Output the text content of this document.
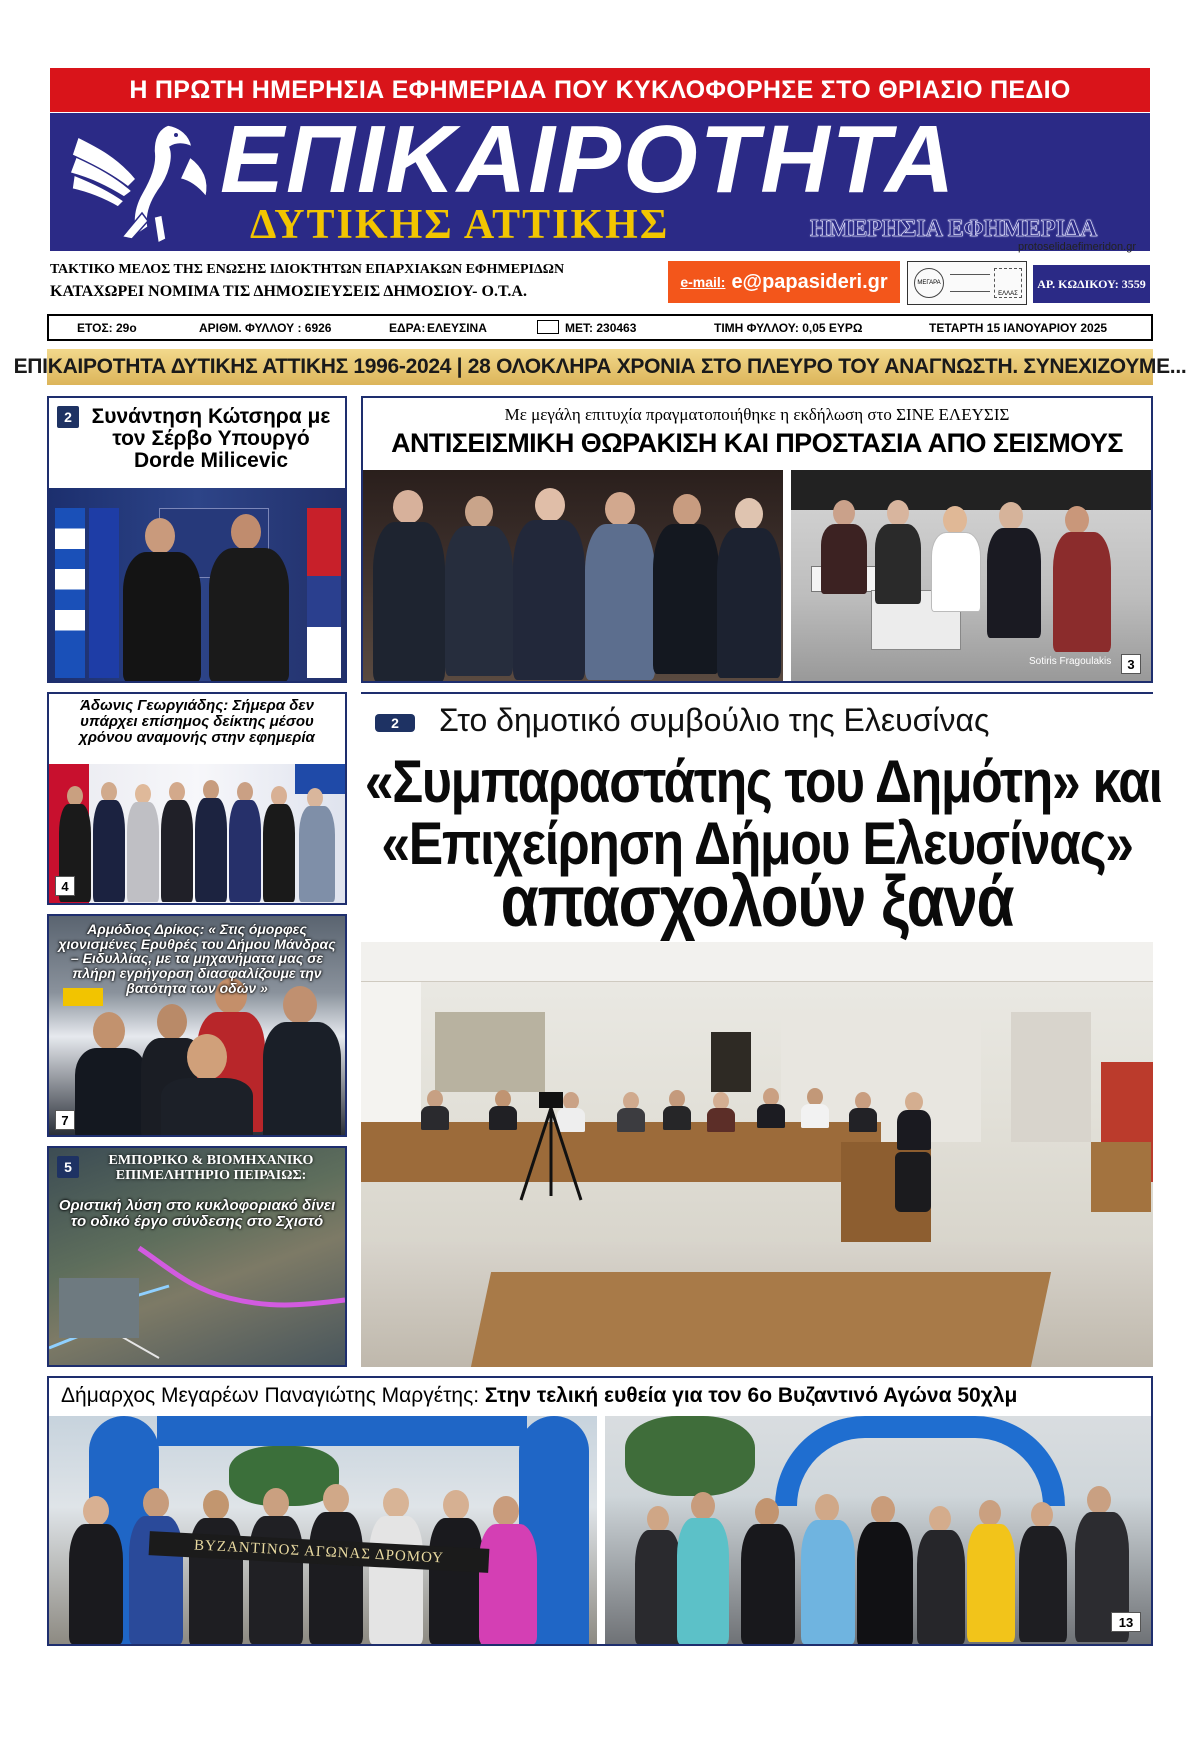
Η ΠΡΩΤΗ ΗΜΕΡΗΣΙΑ ΕΦΗΜΕΡΙΔΑ ΠΟΥ ΚΥΚΛΟΦΟΡΗΣΕ ΣΤΟ ΘΡΙΑΣΙΟ ΠΕΔΙΟ
ΕΠΙΚΑΙΡΟΤΗΤΑ
ΔΥΤΙΚΗΣ ΑΤΤΙΚΗΣ	ΗΜΕΡΗΣΙΑ ΕΦΗΜΕΡΙΔΑ
protoselidaefimeridon.gr
ΤΑΚΤΙΚΟ ΜΕΛΟΣ ΤΗΣ ΕΝΩΣΗΣ ΙΔΙΟΚΤΗΤΩΝ ΕΠΑΡΧΙΑΚΩΝ ΕΦΗΜΕΡΙΔΩΝ
ΚΑΤΑΧΩΡΕΙ ΝΟΜΙΜΑ ΤΙΣ ΔΗΜΟΣΙΕΥΣΕΙΣ ΔΗΜΟΣΙΟΥ- Ο.Τ.Α.
e-mail: e@papasideri.gr	ΜΕΓΑΡΑ
ΕΛΛΑΣ
ΑΡ. ΚΩΔΙΚΟΥ: 3559
ΕΤΟΣ: 29ο	ΑΡΙΘΜ. ΦΥΛΛΟΥ : 6926	ΕΔΡΑ: ΕΛΕΥΣΙΝΑ	ΜΕΤ: 230463	ΤΙΜΗ ΦΥΛΛΟΥ: 0,05 ΕΥΡΩ	ΤΕΤΑΡΤΗ 15 ΙΑΝΟΥΑΡΙΟΥ 2025
ΕΠΙΚΑΙΡΟΤΗΤΑ ΔΥΤΙΚΗΣ ΑΤΤΙΚΗΣ 1996-2024 | 28 ΟΛΟΚΛΗΡΑ ΧΡΟΝΙΑ ΣΤΟ ΠΛΕΥΡΟ ΤΟΥ ΑΝΑΓΝΩΣΤΗ. ΣΥΝΕΧΙΖΟΥΜΕ...
2 Συνάντηση Κώτσηρα με τον Σέρβο Υπουργό Dorde Milicevic
Με μεγάλη επιτυχία πραγματοποιήθηκε η εκδήλωση στο ΣΙΝΕ ΕΛΕΥΣΙΣ
ΑΝΤΙΣΕΙΣΜΙΚΗ ΘΩΡΑΚΙΣΗ ΚΑΙ ΠΡΟΣΤΑΣΙΑ ΑΠΟ ΣΕΙΣΜΟΥΣ
Sotiris Fragoulakis	3
Άδωνις Γεωργιάδης: Σήμερα δεν υπάρχει επίσημος δείκτης μέσου χρόνου αναμονής στην εφημερία
4
Αρμόδιος Δρίκος: « Στις όμορφες χιονισμένες Ερυθρές του Δήμου Μάνδρας – Ειδυλλίας, με τα μηχανήματα μας σε πλήρη εγρήγορση διασφαλίζουμε την βατότητα των οδών »
7
5	ΕΜΠΟΡΙΚΟ & ΒΙΟΜΗΧΑΝΙΚΟ ΕΠΙΜΕΛΗΤΗΡΙΟ ΠΕΙΡΑΙΩΣ:
Οριστική λύση στο κυκλοφοριακό δίνει το οδικό έργο σύνδεσης στο Σχιστό
2	Στο δημοτικό συμβούλιο της Ελευσίνας
«Συμπαραστάτης του Δημότη» και
«Επιχείρηση Δήμου Ελευσίνας»
απασχολούν ξανά
Δήμαρχος Μεγαρέων Παναγιώτης Μαργέτης: Στην τελική ευθεία για τον 6ο Βυζαντινό Αγώνα 50χλμ
ΒΥΖΑΝΤΙΝΟΣ ΑΓΩΝΑΣ ΔΡΟΜΟΥ
13
